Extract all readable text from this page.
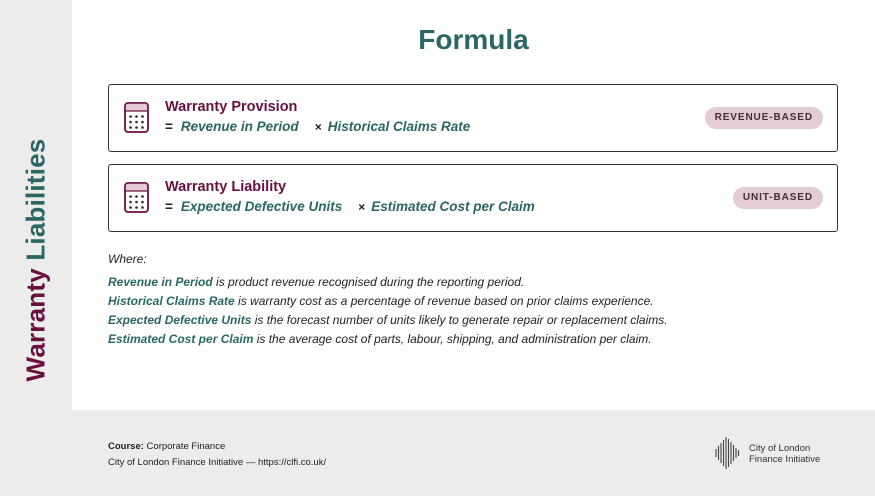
Warranty Liabilities
Formula
Warranty Provision
= Revenue in Period × Historical Claims Rate
REVENUE-BASED
Warranty Liability
= Expected Defective Units × Estimated Cost per Claim
UNIT-BASED
Where:
Revenue in Period is product revenue recognised during the reporting period.
Historical Claims Rate is warranty cost as a percentage of revenue based on prior claims experience.
Expected Defective Units is the forecast number of units likely to generate repair or replacement claims.
Estimated Cost per Claim is the average cost of parts, labour, shipping, and administration per claim.
Course: Corporate Finance
City of London Finance Initiative — https://clfi.co.uk/
City of London
Finance Initiative
